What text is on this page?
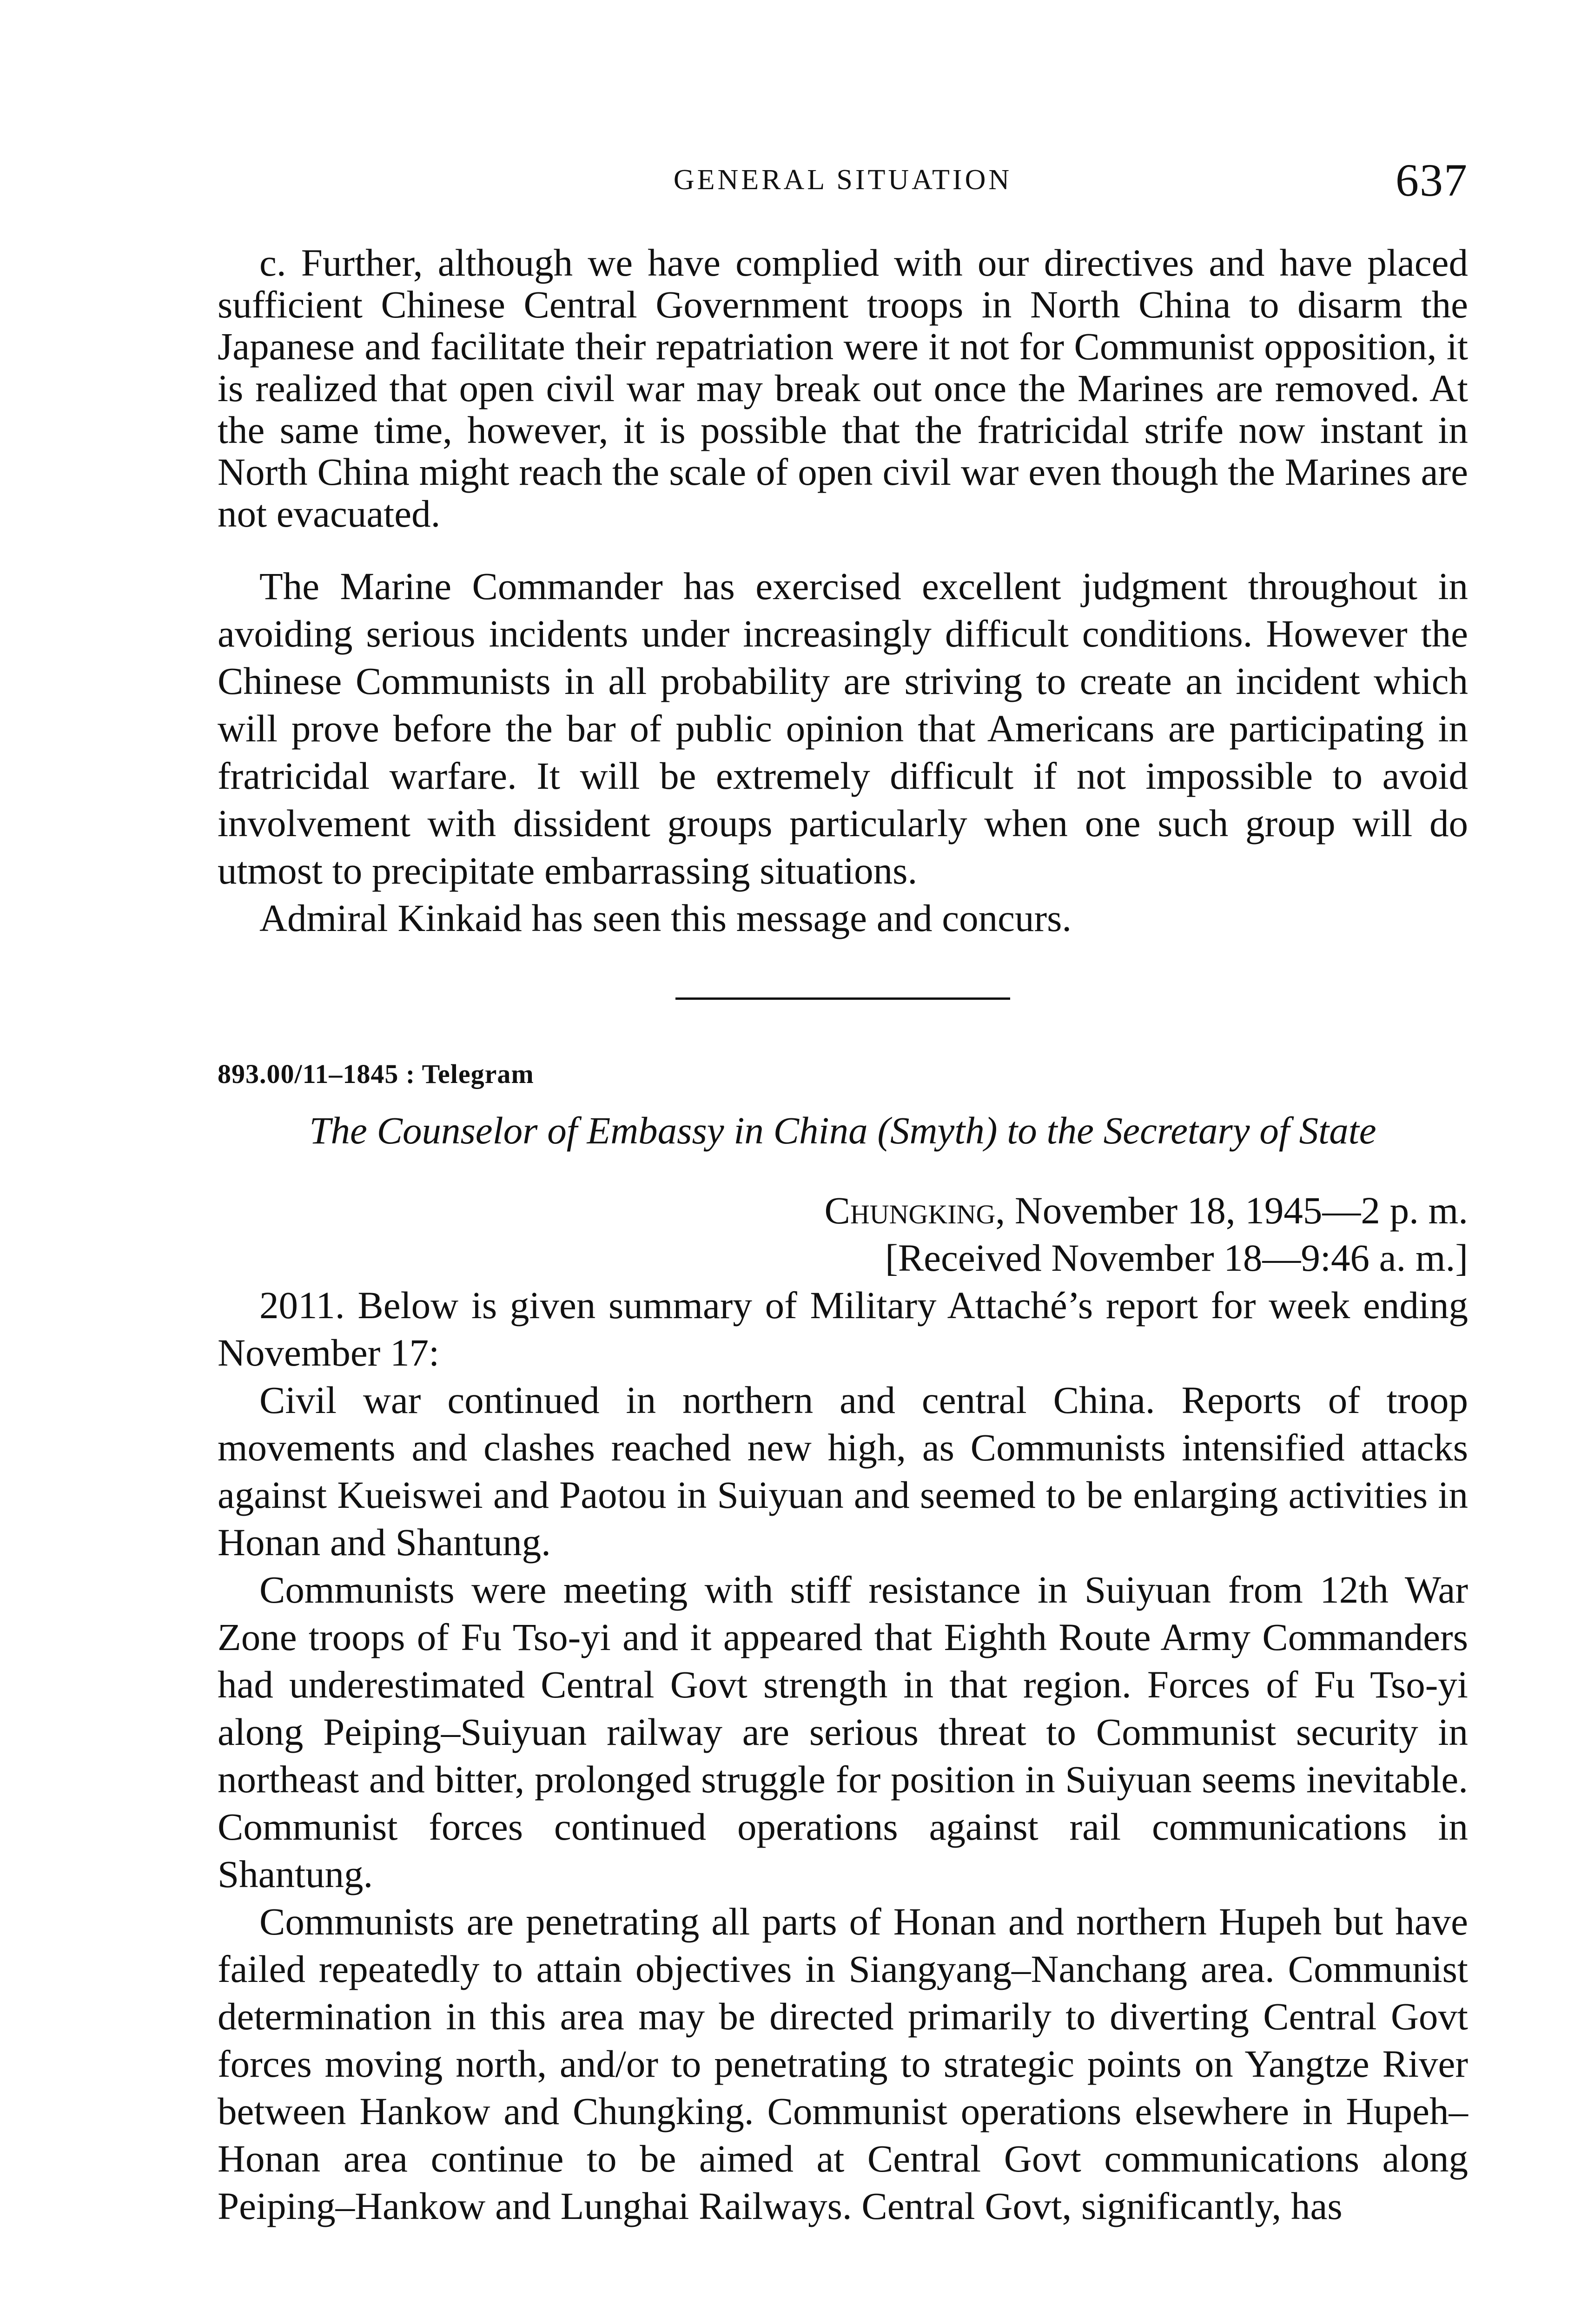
GENERAL SITUATION	637

c. Further, although we have complied with our directives and have placed sufficient Chinese Central Government troops in North China to disarm the Japanese and facilitate their repatriation were it not for Communist opposition, it is realized that open civil war may break out once the Marines are removed. At the same time, however, it is possible that the fratricidal strife now instant in North China might reach the scale of open civil war even though the Marines are not evacuated.

The Marine Commander has exercised excellent judgment throughout in avoiding serious incidents under increasingly difficult conditions. However the Chinese Communists in all probability are striving to create an incident which will prove before the bar of public opinion that Americans are participating in fratricidal warfare. It will be extremely difficult if not impossible to avoid involvement with dissident groups particularly when one such group will do utmost to precipitate embarrassing situations.

Admiral Kinkaid has seen this message and concurs.

893.00/11–1845 : Telegram
The Counselor of Embassy in China (Smyth) to the Secretary of State
Chungking, November 18, 1945—2 p. m.
[Received November 18—9:46 a. m.]

2011. Below is given summary of Military Attaché’s report for week ending November 17:

Civil war continued in northern and central China. Reports of troop movements and clashes reached new high, as Communists intensified attacks against Kueiswei and Paotou in Suiyuan and seemed to be enlarging activities in Honan and Shantung.

Communists were meeting with stiff resistance in Suiyuan from 12th War Zone troops of Fu Tso-yi and it appeared that Eighth Route Army Commanders had underestimated Central Govt strength in that region. Forces of Fu Tso-yi along Peiping–Suiyuan railway are serious threat to Communist security in northeast and bitter, prolonged struggle for position in Suiyuan seems inevitable. Communist forces continued operations against rail communications in Shantung.

Communists are penetrating all parts of Honan and northern Hupeh but have failed repeatedly to attain objectives in Siangyang–Nanchang area. Communist determination in this area may be directed primarily to diverting Central Govt forces moving north, and/or to penetrating to strategic points on Yangtze River between Hankow and Chungking. Communist operations elsewhere in Hupeh–Honan area continue to be aimed at Central Govt communications along Peiping–Hankow and Lunghai Railways. Central Govt, significantly, has
